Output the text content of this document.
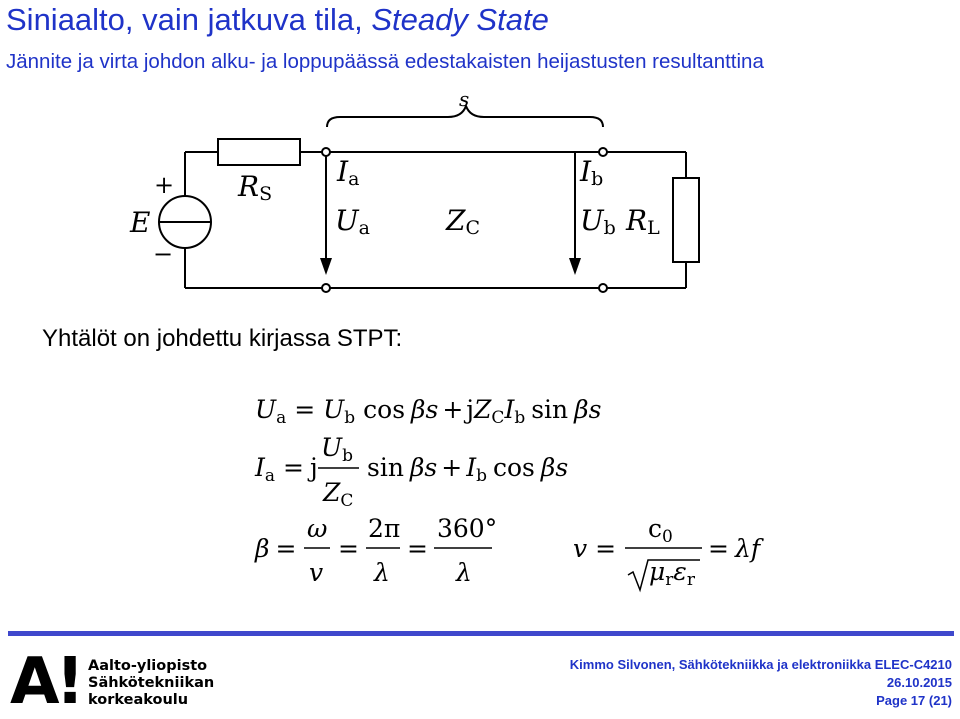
Siniaalto, vain jatkuva tila, Steady State
Jännite ja virta johdon alku- ja loppupäässä edestakaisten heijastusten resultanttina
s
+
E
−
RS
Ia
Ua	ZC
Ib
Ub RL
Yhtälöt on johdettu kirjassa STPT:
$U_a = U_b$ $\cos \beta s + jZ_CI_b$ sin βs
$I_a = j$
$U_b$
$Z_C$
$\sin \beta s + I_b$ cos βs
β =
ω
v
=
2π
λ
=
360°
λ
v =
$c_0$
$\mu_r\varepsilon_r$
= λf
A! Aalto-yliopisto
Sähkötekniikan
korkeakoulu
Kimmo Silvonen, Sähkötekniikka ja elektroniikka ELEC-C4210
26.10.2015
Page 17 (21)
